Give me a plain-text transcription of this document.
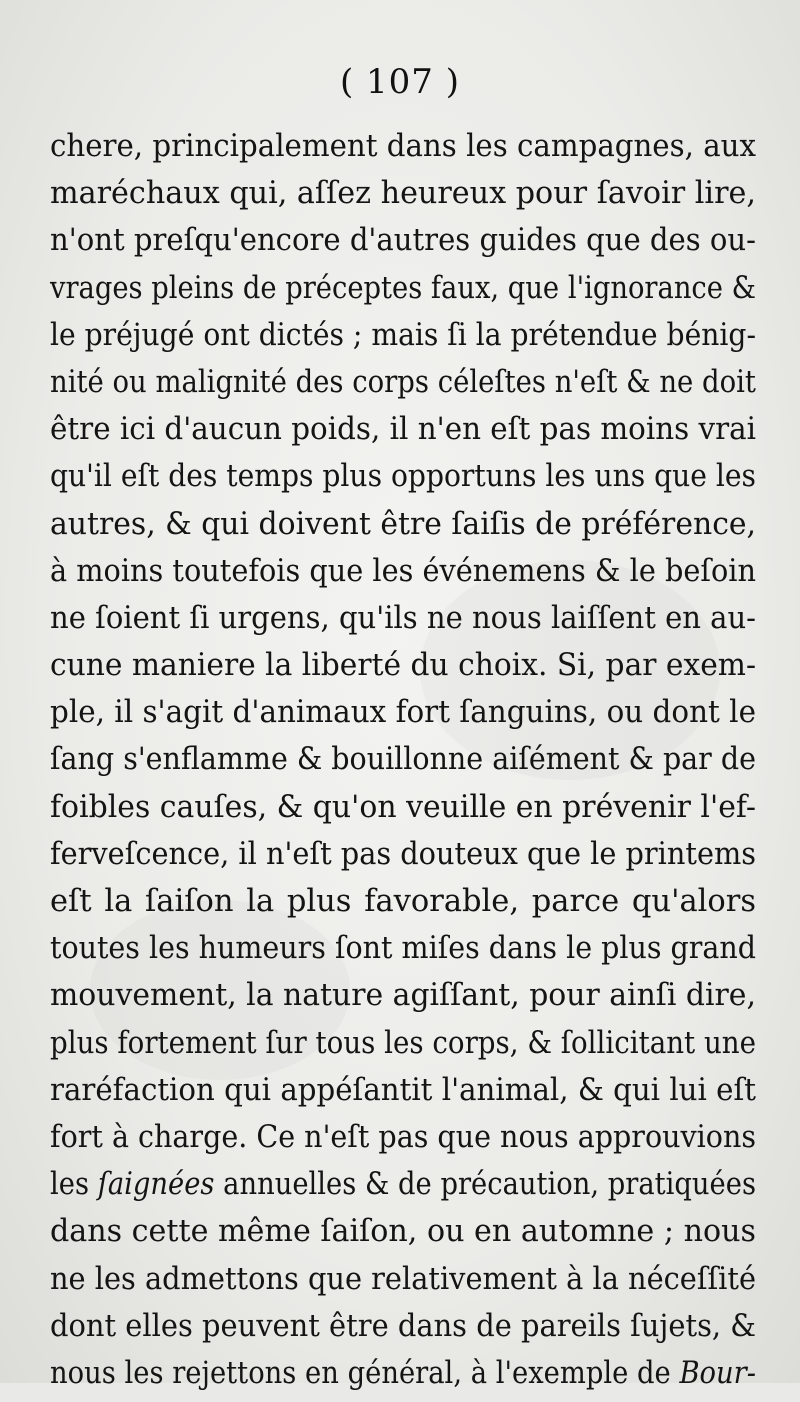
( 107 )
chere, principalement dans les campagnes, aux
maréchaux qui, aſſez heureux pour ſavoir lire,
n'ont preſqu'encore d'autres guides que des ou-
vrages pleins de préceptes faux, que l'ignorance &
le préjugé ont dictés ; mais ſi la prétendue bénig-
nité ou malignité des corps céleſtes n'eſt & ne doit
être ici d'aucun poids, il n'en eſt pas moins vrai
qu'il eſt des temps plus opportuns les uns que les
autres, & qui doivent être ſaiſis de préférence,
à moins toutefois que les événemens & le beſoin
ne ſoient ſi urgens, qu'ils ne nous laiſſent en au-
cune maniere la liberté du choix. Si, par exem-
ple, il s'agit d'animaux fort ſanguins, ou dont le
ſang s'enflamme & bouillonne aiſément & par de
foibles cauſes, & qu'on veuille en prévenir l'ef-
ferveſcence, il n'eſt pas douteux que le printems
eſt la ſaiſon la plus favorable, parce qu'alors
toutes les humeurs ſont miſes dans le plus grand
mouvement, la nature agiſſant, pour ainſi dire,
plus fortement ſur tous les corps, & ſollicitant une
raréfaction qui appéſantit l'animal, & qui lui eſt
fort à charge. Ce n'eſt pas que nous approuvions
les ſaignées annuelles & de précaution, pratiquées
dans cette même ſaiſon, ou en automne ; nous
ne les admettons que relativement à la néceſſité
dont elles peuvent être dans de pareils ſujets, &
nous les rejettons en général, à l'exemple de Bour-
